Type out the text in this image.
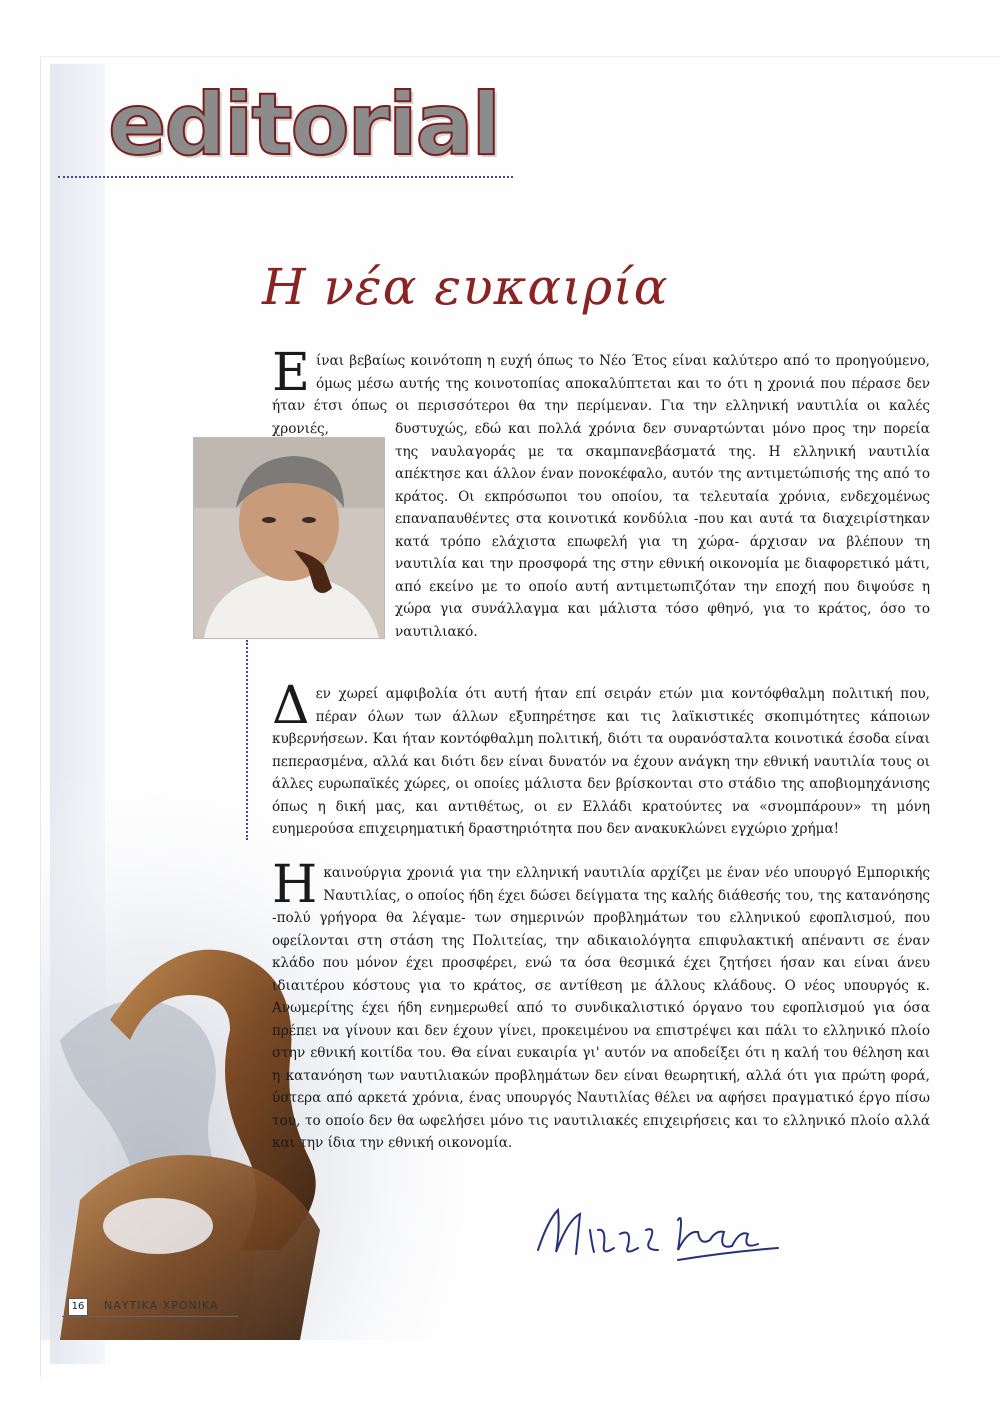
editorial
Η νέα ευκαιρία
Είναι βεβαίως κοινότοπη η ευχή όπως το Νέο Έτος είναι καλύτερο από το προηγούμενο, όμως μέσω αυτής της κοινοτοπίας αποκαλύπτεται και το ότι η χρονιά που πέρασε δεν ήταν έτσι όπως οι περισσότεροι θα την περίμεναν. Για την ελληνική ναυτιλία οι καλές χρονιές,	δυστυχώς, εδώ και πολλά χρόνια δεν συναρτώνται μόνο προς την πορεία της ναυλαγοράς με τα σκαμπανεβάσματά της. Η ελληνική ναυτιλία απέκτησε και άλλον έναν πονοκέφαλο, αυτόν της αντιμετώπισής της από το κράτος. Οι εκπρόσωποι του οποίου, τα τελευταία χρόνια, ενδεχομένως επαναπαυθέντες στα κοινοτικά κονδύλια -που και αυτά τα διαχειρίστηκαν κατά τρόπο ελάχιστα επωφελή για τη χώρα- άρχισαν να βλέπουν τη ναυτιλία και την προσφορά της στην εθνική οικονομία με διαφορετικό μάτι, από εκείνο με το οποίο αυτή αντιμετωπιζόταν την εποχή που διψούσε η χώρα για συνάλλαγμα και μάλιστα τόσο φθηνό, για το κράτος, όσο το ναυτιλιακό.
Δεν χωρεί αμφιβολία ότι αυτή ήταν επί σειράν ετών μια κοντόφθαλμη πολιτική που, πέραν όλων των άλλων εξυπηρέτησε και τις λαϊκιστικές σκοπιμότητες κάποιων κυβερνήσεων. Και ήταν κοντόφθαλμη πολιτική, διότι τα ουρανόσταλτα κοινοτικά έσοδα είναι πεπερασμένα, αλλά και διότι δεν είναι δυνατόν να έχουν ανάγκη την εθνική ναυτιλία τους οι άλλες ευρωπαϊκές χώρες, οι οποίες μάλιστα δεν βρίσκονται στο στάδιο της αποβιομηχάνισης όπως η δική μας, και αντιθέτως, οι εν Ελλάδι κρατούντες να «σνομπάρουν» τη μόνη ευημερούσα επιχειρηματική δραστηριότητα που δεν ανακυκλώνει εγχώριο χρήμα!
Ηκαινούργια χρονιά για την ελληνική ναυτιλία αρχίζει με έναν νέο υπουργό Εμπορικής Ναυτιλίας, ο οποίος ήδη έχει δώσει δείγματα της καλής διάθεσής του, της κατανόησης -πολύ γρήγορα θα λέγαμε- των σημερινών προβλημάτων του ελληνικού εφοπλισμού, που οφείλονται στη στάση της Πολιτείας, την αδικαιολόγητα επιφυλακτική απέναντι σε έναν κλάδο που μόνον έχει προσφέρει, ενώ τα όσα θεσμικά έχει ζητήσει ήσαν και είναι άνευ ιδιαιτέρου κόστους για το κράτος, σε αντίθεση με άλλους κλάδους. Ο νέος υπουργός κ. Ανωμερίτης έχει ήδη ενημερωθεί από το συνδικαλιστικό όργανο του εφοπλισμού για όσα πρέπει να γίνουν και δεν έχουν γίνει, προκειμένου να επιστρέψει και πάλι το ελληνικό πλοίο στην εθνική κοιτίδα του. Θα είναι ευκαιρία γι' αυτόν να αποδείξει ότι η καλή του θέληση και η κατανόηση των ναυτιλιακών προβλημάτων δεν είναι θεωρητική, αλλά ότι για πρώτη φορά, ύστερα από αρκετά χρόνια, ένας υπουργός Ναυτιλίας θέλει να αφήσει πραγματικό έργο πίσω του, το οποίο δεν θα ωφελήσει μόνο τις ναυτιλιακές επιχειρήσεις και το ελληνικό πλοίο αλλά και την ίδια την εθνική οικονομία.
16	ΝΑΥΤΙΚΑ ΧΡΟΝΙΚΑ
